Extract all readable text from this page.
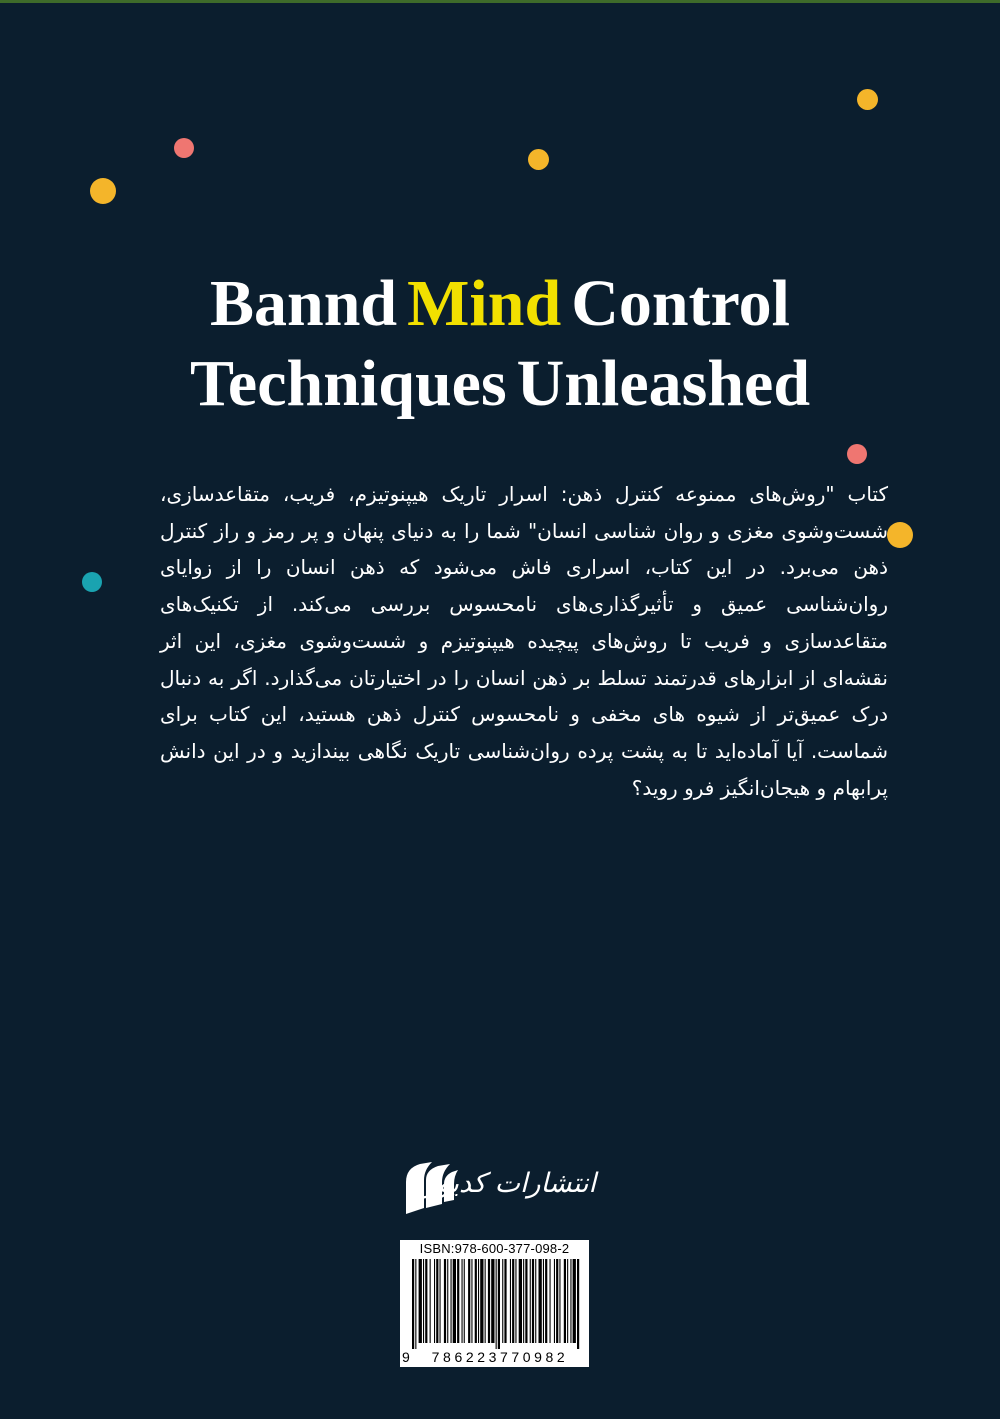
Bannd Mind Control
Techniques Unleashed
کتاب "روش‌های ممنوعه کنترل ذهن: اسرار تاریک هیپنوتیزم، فریب، متقاعدسازی، شست‌وشوی مغزی و روان شناسی انسان" شما را به دنیای پنهان و پر رمز و راز کنترل ذهن می‌برد. در این کتاب، اسراری فاش می‌شود که ذهن انسان را از زوایای روان‌شناسی عمیق و تأثیرگذاری‌های نامحسوس بررسی می‌کند. از تکنیک‌های متقاعدسازی و فریب تا روش‌های پیچیده هیپنوتیزم و شست‌وشوی مغزی، این اثر نقشه‌ای از ابزارهای قدرتمند تسلط بر ذهن انسان را در اختیارتان می‌گذارد. اگر به دنبال درک عمیق‌تر از شیوه های مخفی و نامحسوس کنترل ذهن هستید، این کتاب برای شماست. آیا آماده‌اید تا به پشت پرده روان‌شناسی تاریک نگاهی بیندازید و در این دانش پرابهام و هیجان‌انگیز فرو روید؟
انتشارات کدیور
ISBN:978-600-377-098-2
9	786223770982
